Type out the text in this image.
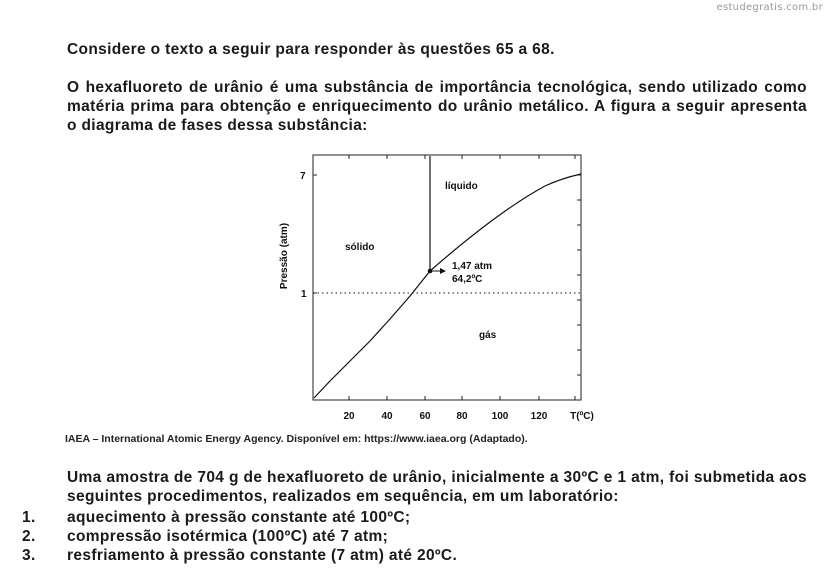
estudegratis.com.br
Considere o texto a seguir para responder às questões 65 a 68.
O hexafluoreto de urânio é uma substância de importância tecnológica, sendo utilizado como matéria prima para obtenção e enriquecimento do urânio metálico. A figura a seguir apresenta o diagrama de fases dessa substância:
1,47 atm
64,2ºC
líquido
sólido
gás
7
1
20	40	60	80 100 120 T(ºC)
Pressão (atm)
IAEA – International Atomic Energy Agency. Disponível em: https://www.iaea.org (Adaptado).
Uma amostra de 704 g de hexafluoreto de urânio, inicialmente a 30ºC e 1 atm, foi submetida aos seguintes procedimentos, realizados em sequência, em um laboratório:
1. aquecimento à pressão constante até 100ºC;
2. compressão isotérmica (100ºC) até 7 atm;
3. resfriamento à pressão constante (7 atm) até 20ºC.
